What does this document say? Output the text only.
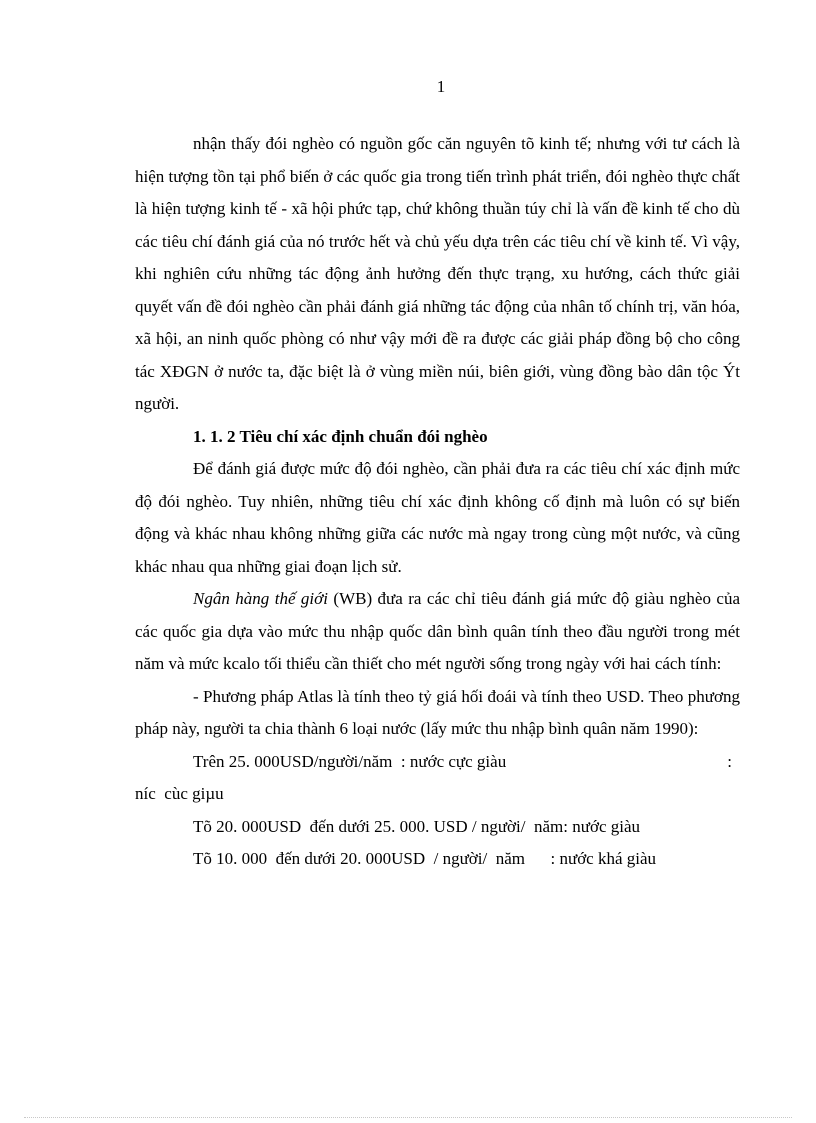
1

nhận thấy đói nghèo có nguồn gốc căn nguyên tõ kinh tế; nhưng với tư cách là hiện tượng tồn tại phổ biến ở các quốc gia trong tiến trình phát triển, đói nghèo thực chất là hiện tượng kinh tế - xã hội phức tạp, chứ không thuần túy chỉ là vấn đề kinh tế cho dù các tiêu chí đánh giá của nó trước hết và chủ yếu dựa trên các tiêu chí về kinh tế. Vì vậy, khi nghiên cứu những tác động ảnh hưởng đến thực trạng, xu hướng, cách thức giải quyết vấn đề đói nghèo cần phải đánh giá những tác động của nhân tố chính trị, văn hóa, xã hội, an ninh quốc phòng có như vậy mới đề ra được các giải pháp đồng bộ cho công tác XĐGN ở nước ta, đặc biệt là ở vùng miền núi, biên giới, vùng đồng bào dân tộc Ýt người.

1. 1. 2 Tiêu chí xác định chuẩn đói nghèo

Để đánh giá được mức độ đói nghèo, cần phải đưa ra các tiêu chí xác định mức độ đói nghèo. Tuy nhiên, những tiêu chí xác định không cố định mà luôn có sự biến động và khác nhau không những giữa các nước mà ngay trong cùng một nước, và cũng khác nhau qua những giai đoạn lịch sử.

Ngân hàng thế giới (WB) đưa ra các chỉ tiêu đánh giá mức độ giàu nghèo của các quốc gia dựa vào mức thu nhập quốc dân bình quân tính theo đầu người trong mét năm và mức kcalo tối thiểu cần thiết cho mét người sống trong ngày với hai cách tính:

- Phương pháp Atlas là tính theo tỷ giá hối đoái và tính theo USD. Theo phương pháp này, người ta chia thành 6 loại nước (lấy mức thu nhập bình quân năm 1990):

Trên 25. 000USD/người/năm  : nước cực giàu	:

níc  cùc giµu

Tõ 20. 000USD  đến dưới 25. 000. USD / người/  năm: nước giàu

Tõ 10. 000  đến dưới 20. 000USD  / người/  năm      : nước khá giàu
